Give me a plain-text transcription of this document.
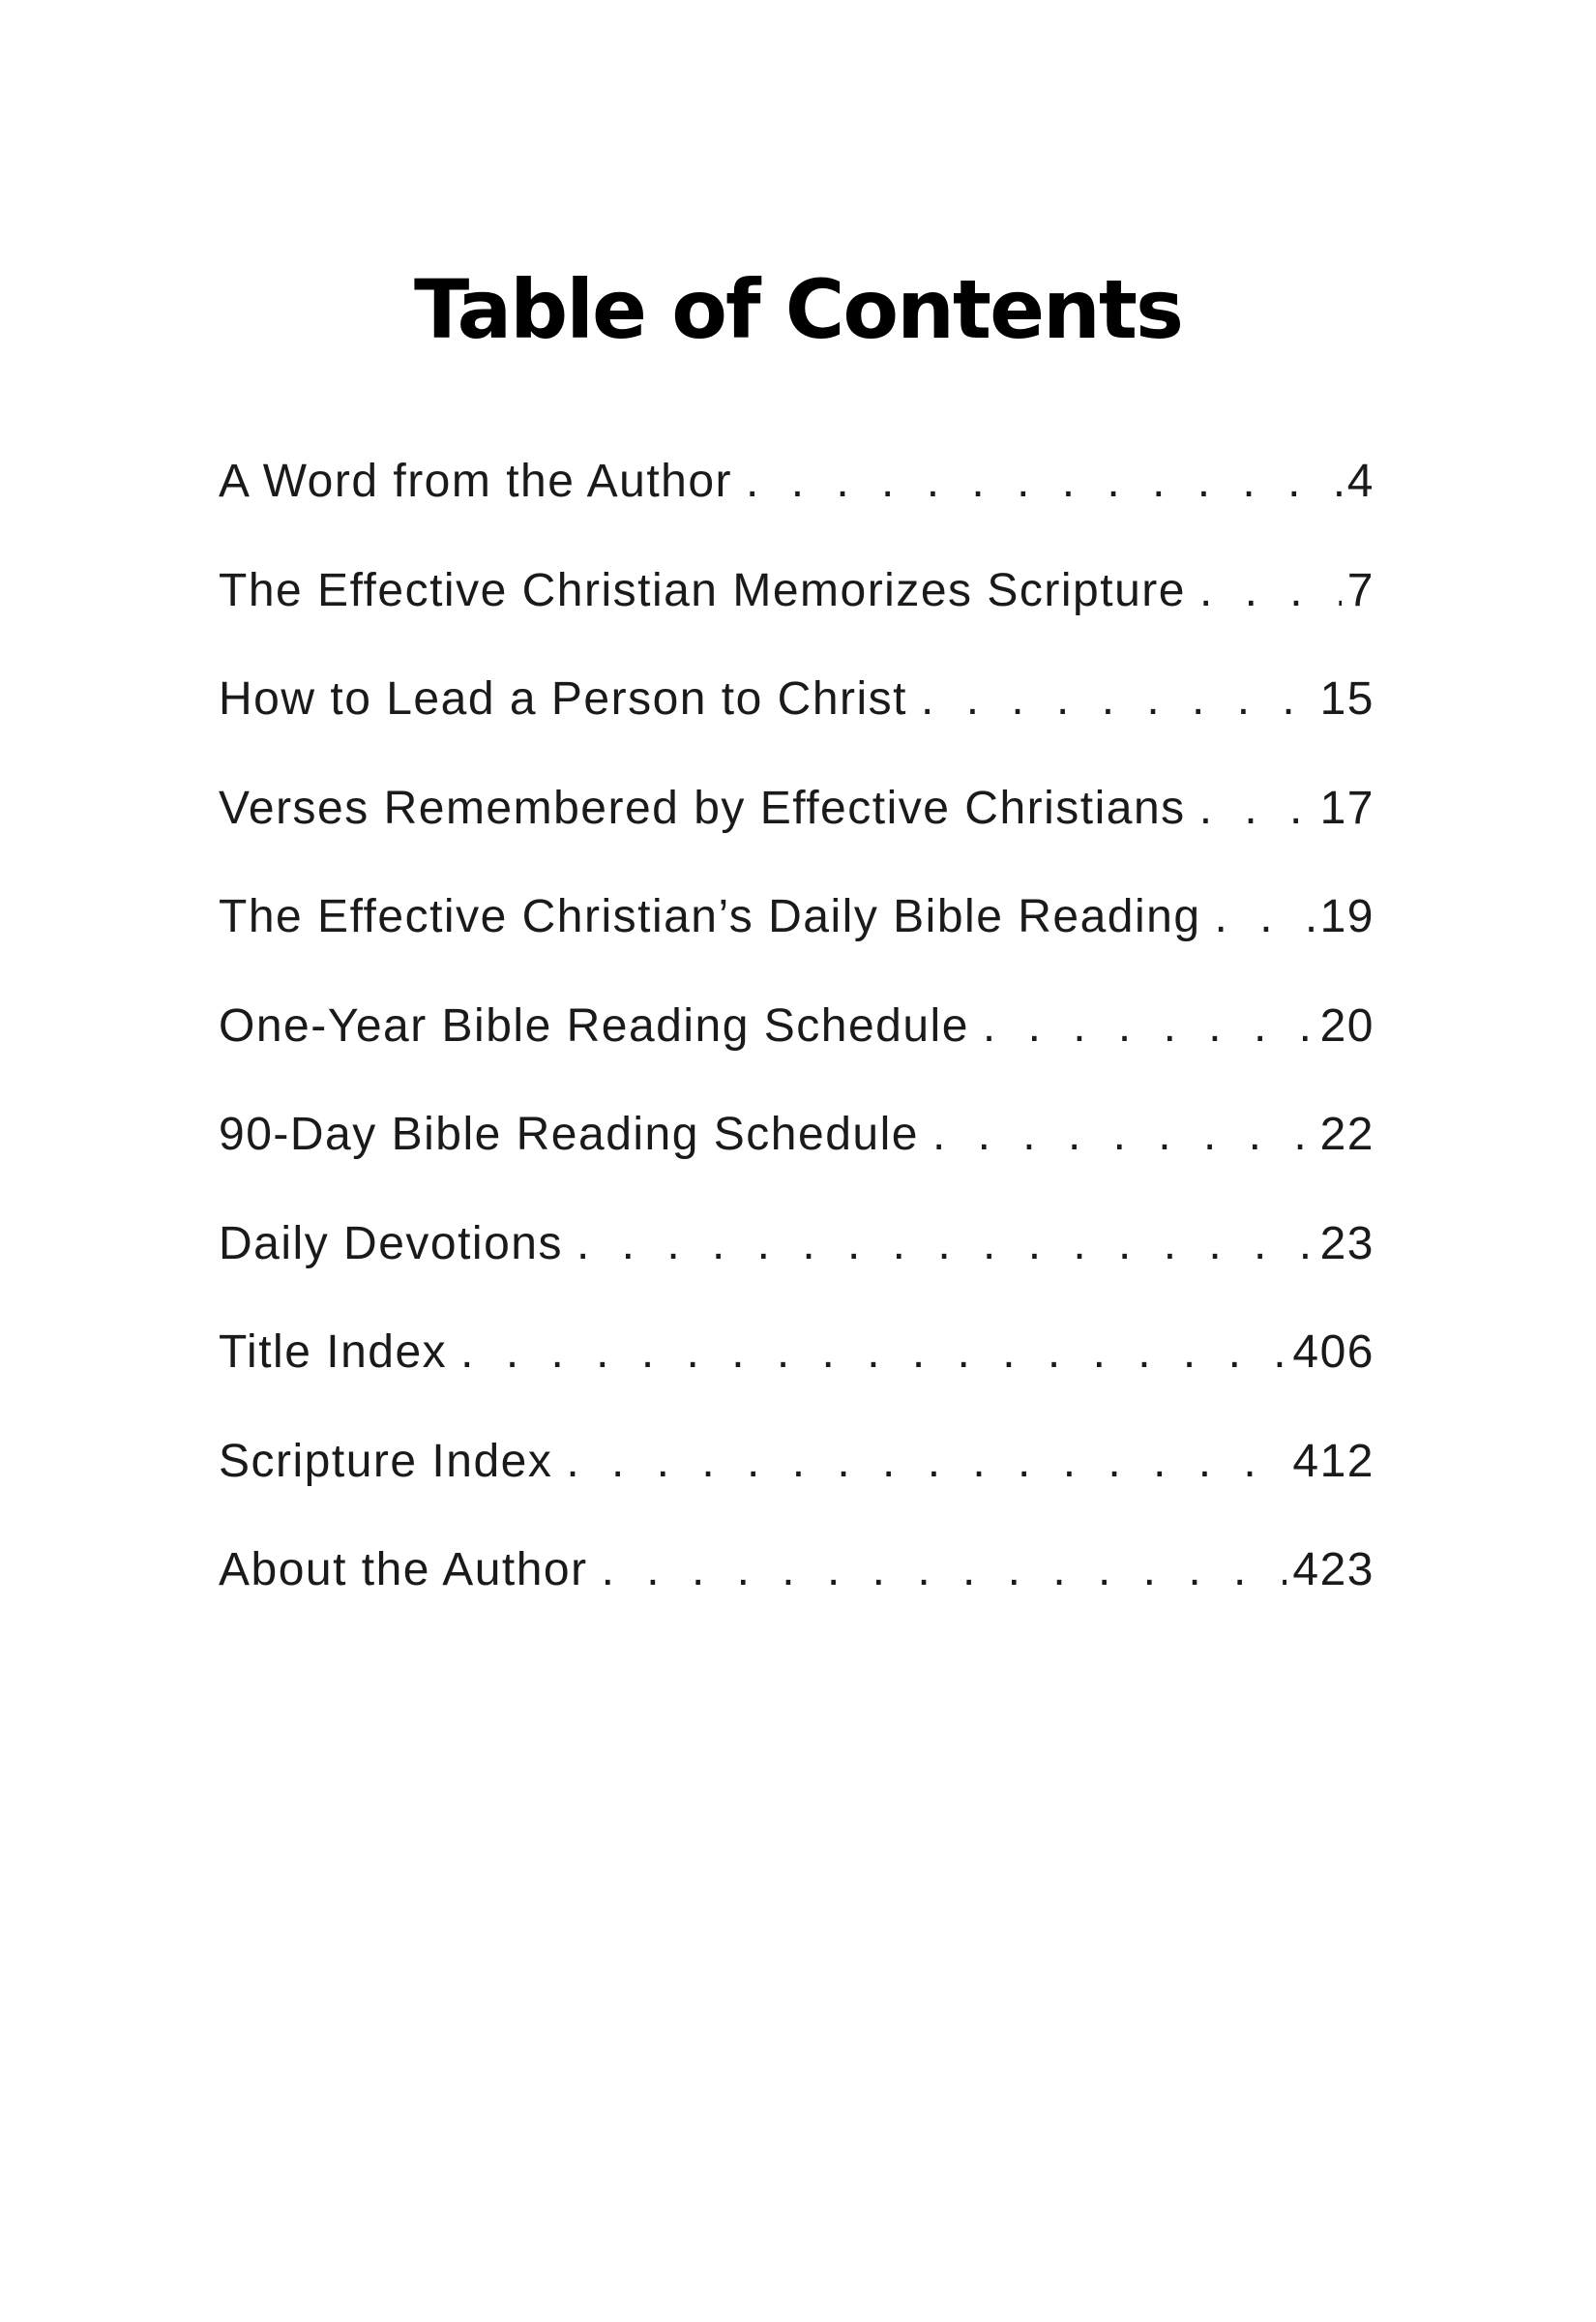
Table of Contents
A Word from the Author . . .	4
The Effective Christian Memorizes Scripture . . .	7
How to Lead a Person to Christ . . .	15
Verses Remembered by Effective Christians . . .	17
The Effective Christian’s Daily Bible Reading . . .	19
One-Year Bible Reading Schedule . . .	20
90-Day Bible Reading Schedule . . .	22
Daily Devotions . . .	23
Title Index . . .	406
Scripture Index . . .	412
About the Author . . .	423
